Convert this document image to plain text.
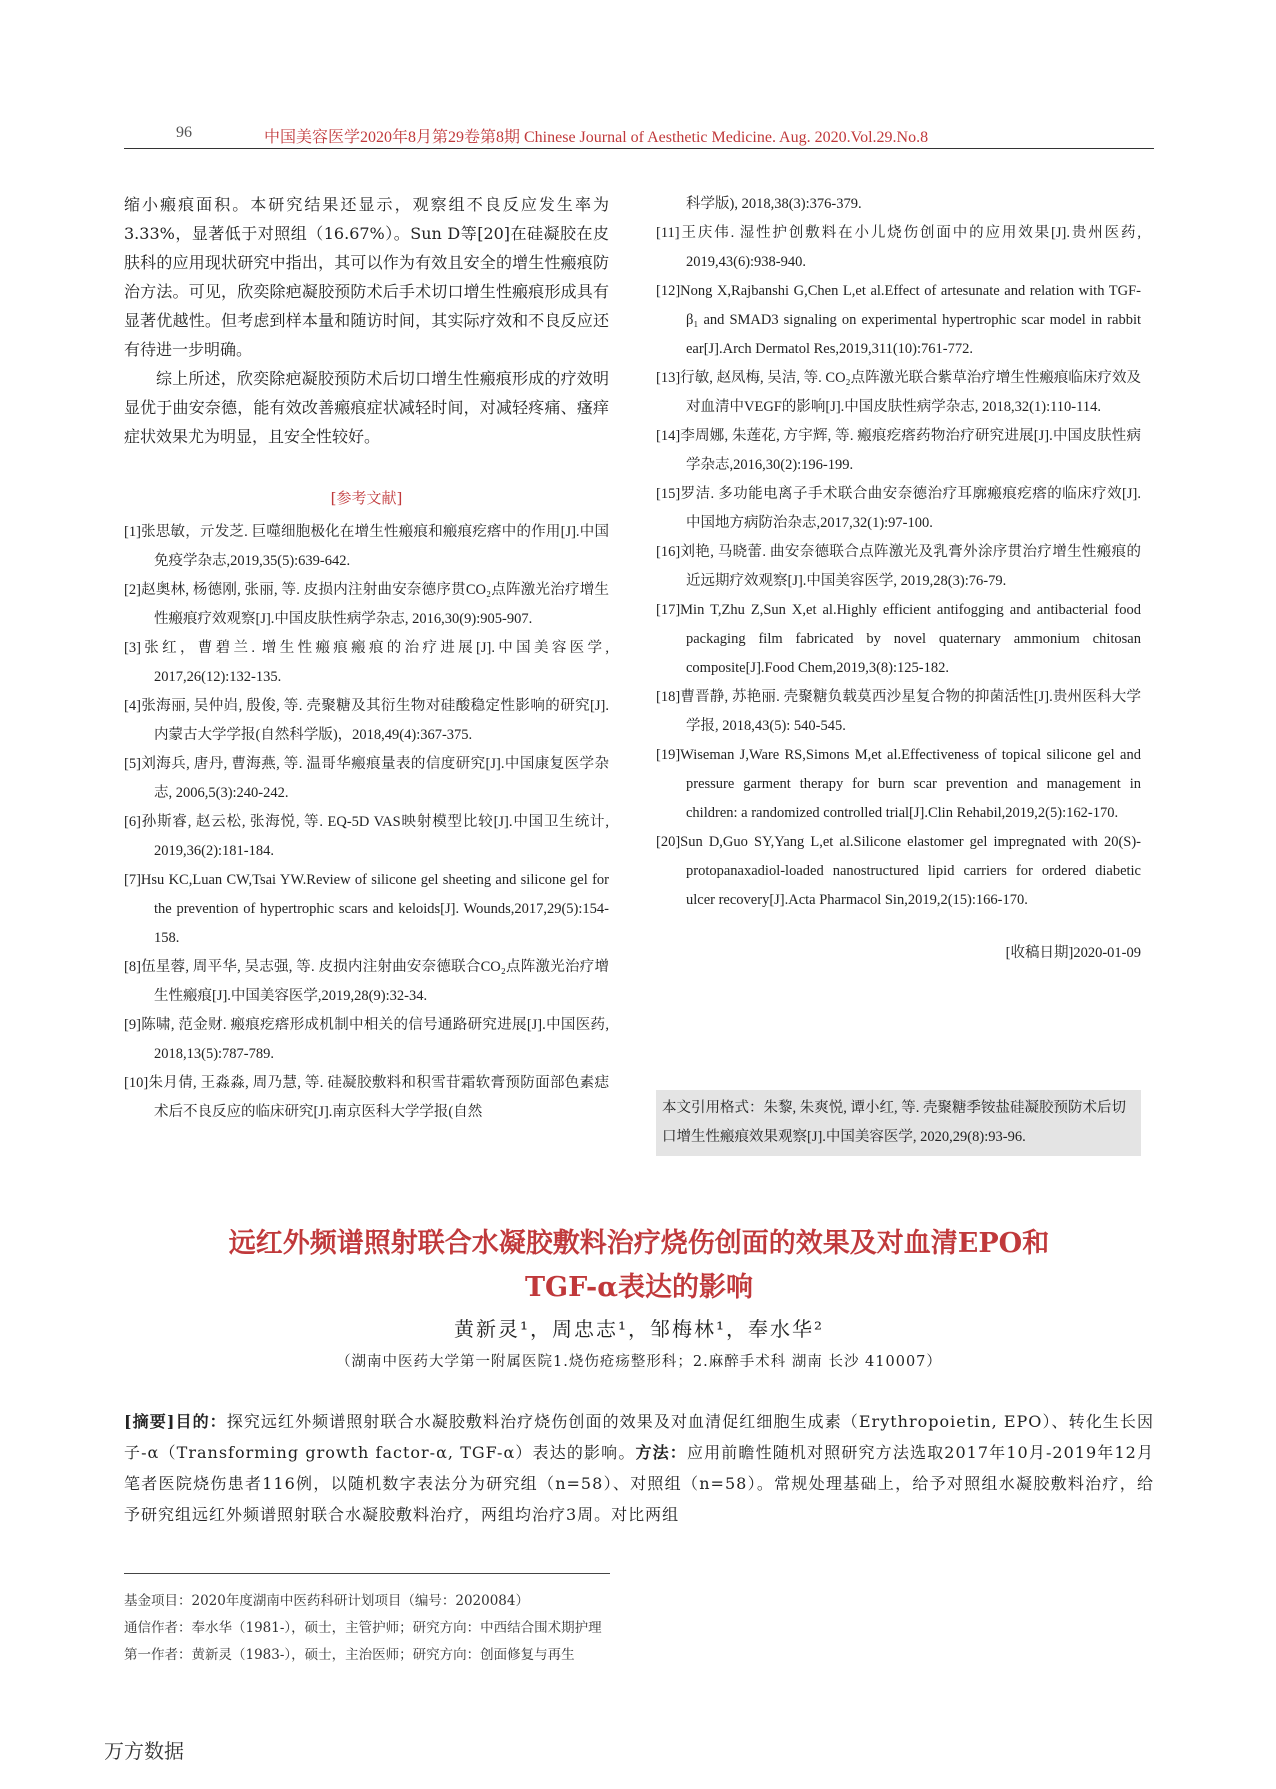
96	中国美容医学2020年8月第29卷第8期 Chinese Journal of Aesthetic Medicine. Aug. 2020.Vol.29.No.8

缩小瘢痕面积。本研究结果还显示，观察组不良反应发生率为3.33%，显著低于对照组（16.67%）。Sun D等[20]在硅凝胶在皮肤科的应用现状研究中指出，其可以作为有效且安全的增生性瘢痕防治方法。可见，欣奕除疤凝胶预防术后手术切口增生性瘢痕形成具有显著优越性。但考虑到样本量和随访时间，其实际疗效和不良反应还有待进一步明确。

综上所述，欣奕除疤凝胶预防术后切口增生性瘢痕形成的疗效明显优于曲安奈德，能有效改善瘢痕症状减轻时间，对减轻疼痛、瘙痒症状效果尤为明显，且安全性较好。

[参考文献]

[1]张思敏，亓发芝. 巨噬细胞极化在增生性瘢痕和瘢痕疙瘩中的作用[J].中国免疫学杂志,2019,35(5):639-642.

[2]赵奥林, 杨德刚, 张丽, 等. 皮损内注射曲安奈德序贯CO₂点阵激光治疗增生性瘢痕疗效观察[J].中国皮肤性病学杂志, 2016,30(9):905-907.

[3]张红，曹碧兰. 增生性瘢痕瘢痕的治疗进展[J].中国美容医学, 2017,26(12):132-135.

[4]张海丽, 吴仲岿, 殷俊, 等. 壳聚糖及其衍生物对硅酸稳定性影响的研究[J].内蒙古大学学报(自然科学版)，2018,49(4):367-375.

[5]刘海兵, 唐丹, 曹海燕, 等. 温哥华瘢痕量表的信度研究[J].中国康复医学杂志, 2006,5(3):240-242.

[6]孙斯睿, 赵云松, 张海悦, 等. EQ-5D VAS映射模型比较[J].中国卫生统计, 2019,36(2):181-184.

[7]Hsu KC,Luan CW,Tsai YW.Review of silicone gel sheeting and silicone gel for the prevention of hypertrophic scars and keloids[J]. Wounds,2017,29(5):154-158.

[8]伍星蓉, 周平华, 吴志强, 等. 皮损内注射曲安奈德联合CO₂点阵激光治疗增生性瘢痕[J].中国美容医学,2019,28(9):32-34.

[9]陈啸, 范金财. 瘢痕疙瘩形成机制中相关的信号通路研究进展[J].中国医药, 2018,13(5):787-789.

[10]朱月倩, 王淼淼, 周乃慧, 等. 硅凝胶敷料和积雪苷霜软膏预防面部色素痣术后不良反应的临床研究[J].南京医科大学学报(自然

科学版), 2018,38(3):376-379.

[11]王庆伟. 湿性护创敷料在小儿烧伤创面中的应用效果[J].贵州医药, 2019,43(6):938-940.

[12]Nong X,Rajbanshi G,Chen L,et al.Effect of artesunate and relation with TGF-β₁ and SMAD3 signaling on experimental hypertrophic scar model in rabbit ear[J].Arch Dermatol Res,2019,311(10):761-772.

[13]行敏, 赵凤梅, 吴洁, 等. CO₂点阵激光联合紫草治疗增生性瘢痕临床疗效及对血清中VEGF的影响[J].中国皮肤性病学杂志, 2018,32(1):110-114.

[14]李周娜, 朱莲花, 方宇辉, 等. 瘢痕疙瘩药物治疗研究进展[J].中国皮肤性病学杂志,2016,30(2):196-199.

[15]罗洁. 多功能电离子手术联合曲安奈德治疗耳廓瘢痕疙瘩的临床疗效[J].中国地方病防治杂志,2017,32(1):97-100.

[16]刘艳, 马晓蕾. 曲安奈德联合点阵激光及乳膏外涂序贯治疗增生性瘢痕的近远期疗效观察[J].中国美容医学, 2019,28(3):76-79.

[17]Min T,Zhu Z,Sun X,et al.Highly efficient antifogging and antibacterial food packaging film fabricated by novel quaternary ammonium chitosan composite[J].Food Chem,2019,3(8):125-182.

[18]曹晋静, 苏艳丽. 壳聚糖负载莫西沙星复合物的抑菌活性[J].贵州医科大学学报, 2018,43(5): 540-545.

[19]Wiseman J,Ware RS,Simons M,et al.Effectiveness of topical silicone gel and pressure garment therapy for burn scar prevention and management in children: a randomized controlled trial[J].Clin Rehabil,2019,2(5):162-170.

[20]Sun D,Guo SY,Yang L,et al.Silicone elastomer gel impregnated with 20(S)-protopanaxadiol-loaded nanostructured lipid carriers for ordered diabetic ulcer recovery[J].Acta Pharmacol Sin,2019,2(15):166-170.

[收稿日期]2020-01-09
本文引用格式：朱黎, 朱爽悦, 谭小红, 等. 壳聚糖季铵盐硅凝胶预防术后切口增生性瘢痕效果观察[J].中国美容医学, 2020,29(8):93-96.
远红外频谱照射联合水凝胶敷料治疗烧伤创面的效果及对血清EPO和
TGF-α表达的影响
黄新灵¹，周忠志¹，邹梅林¹，奉水华²
（湖南中医药大学第一附属医院1.烧伤疮疡整形科；2.麻醉手术科 湖南 长沙 410007）
[摘要]目的：探究远红外频谱照射联合水凝胶敷料治疗烧伤创面的效果及对血清促红细胞生成素（Erythropoietin, EPO）、转化生长因子-α（Transforming growth factor-α, TGF-α）表达的影响。方法：应用前瞻性随机对照研究方法选取2017年10月-2019年12月笔者医院烧伤患者116例，以随机数字表法分为研究组（n=58）、对照组（n=58）。常规处理基础上，给予对照组水凝胶敷料治疗，给予研究组远红外频谱照射联合水凝胶敷料治疗，两组均治疗3周。对比两组
基金项目：2020年度湖南中医药科研计划项目（编号：2020084）
通信作者：奉水华（1981-），硕士，主管护师；研究方向：中西结合围术期护理
第一作者：黄新灵（1983-），硕士，主治医师；研究方向：创面修复与再生
万方数据
